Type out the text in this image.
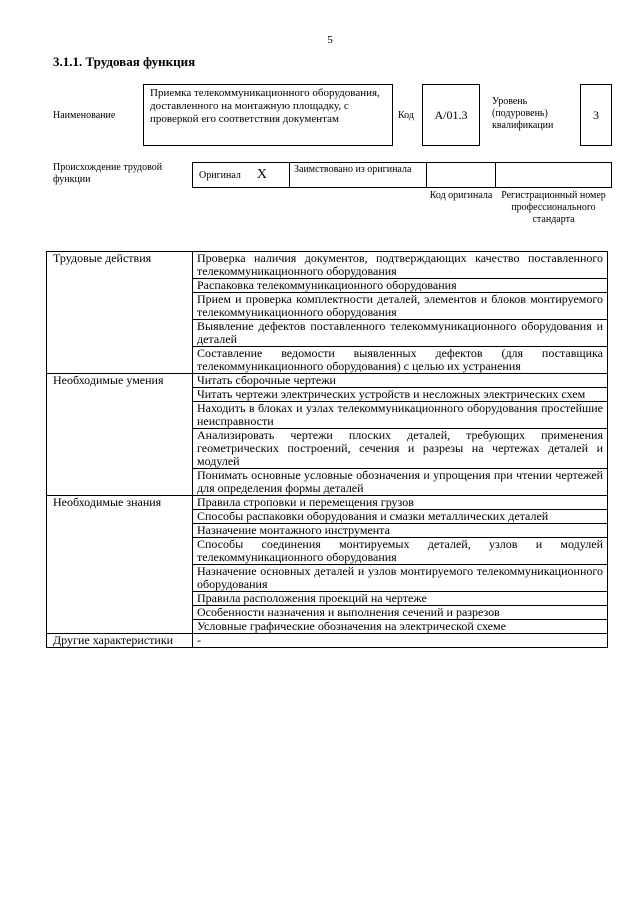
5
3.1.1. Трудовая функция
Наименование
Приемка телекоммуникационного оборудования, доставленного на монтажную площадку, с проверкой его соответствия документам	Код	А/01.3
Уровень (подуровень) квалификации
3
Происхождение трудовой функции	Оригинал X	Заимствовано из оригинала
Код оригинала Регистрационный номер профессионального стандарта
Трудовые действия	Проверка наличия документов, подтверждающих качество поставленного телекоммуникационного оборудования
	Распаковка телекоммуникационного оборудования
	Прием и проверка комплектности деталей, элементов и блоков монтируемого телекоммуникационного оборудования
	Выявление дефектов поставленного телекоммуникационного оборудования и деталей
	Составление ведомости выявленных дефектов (для поставщика телекоммуникационного оборудования) с целью их устранения
Необходимые умения	Читать сборочные чертежи
	Читать чертежи электрических устройств и несложных электрических схем
	Находить в блоках и узлах телекоммуникационного оборудования простейшие неисправности
	Анализировать чертежи плоских деталей, требующих применения геометрических построений, сечения и разрезы на чертежах деталей и модулей
	Понимать основные условные обозначения и упрощения при чтении чертежей для определения формы деталей
Необходимые знания	Правила строповки и перемещения грузов
	Способы распаковки оборудования и смазки металлических деталей
	Назначение монтажного инструмента
	Способы соединения монтируемых деталей, узлов и модулей телекоммуникационного оборудования
	Назначение основных деталей и узлов монтируемого телекоммуникационного оборудования
	Правила расположения проекций на чертеже
	Особенности назначения и выполнения сечений и разрезов
	Условные графические обозначения на электрической схеме
Другие характеристики	-
